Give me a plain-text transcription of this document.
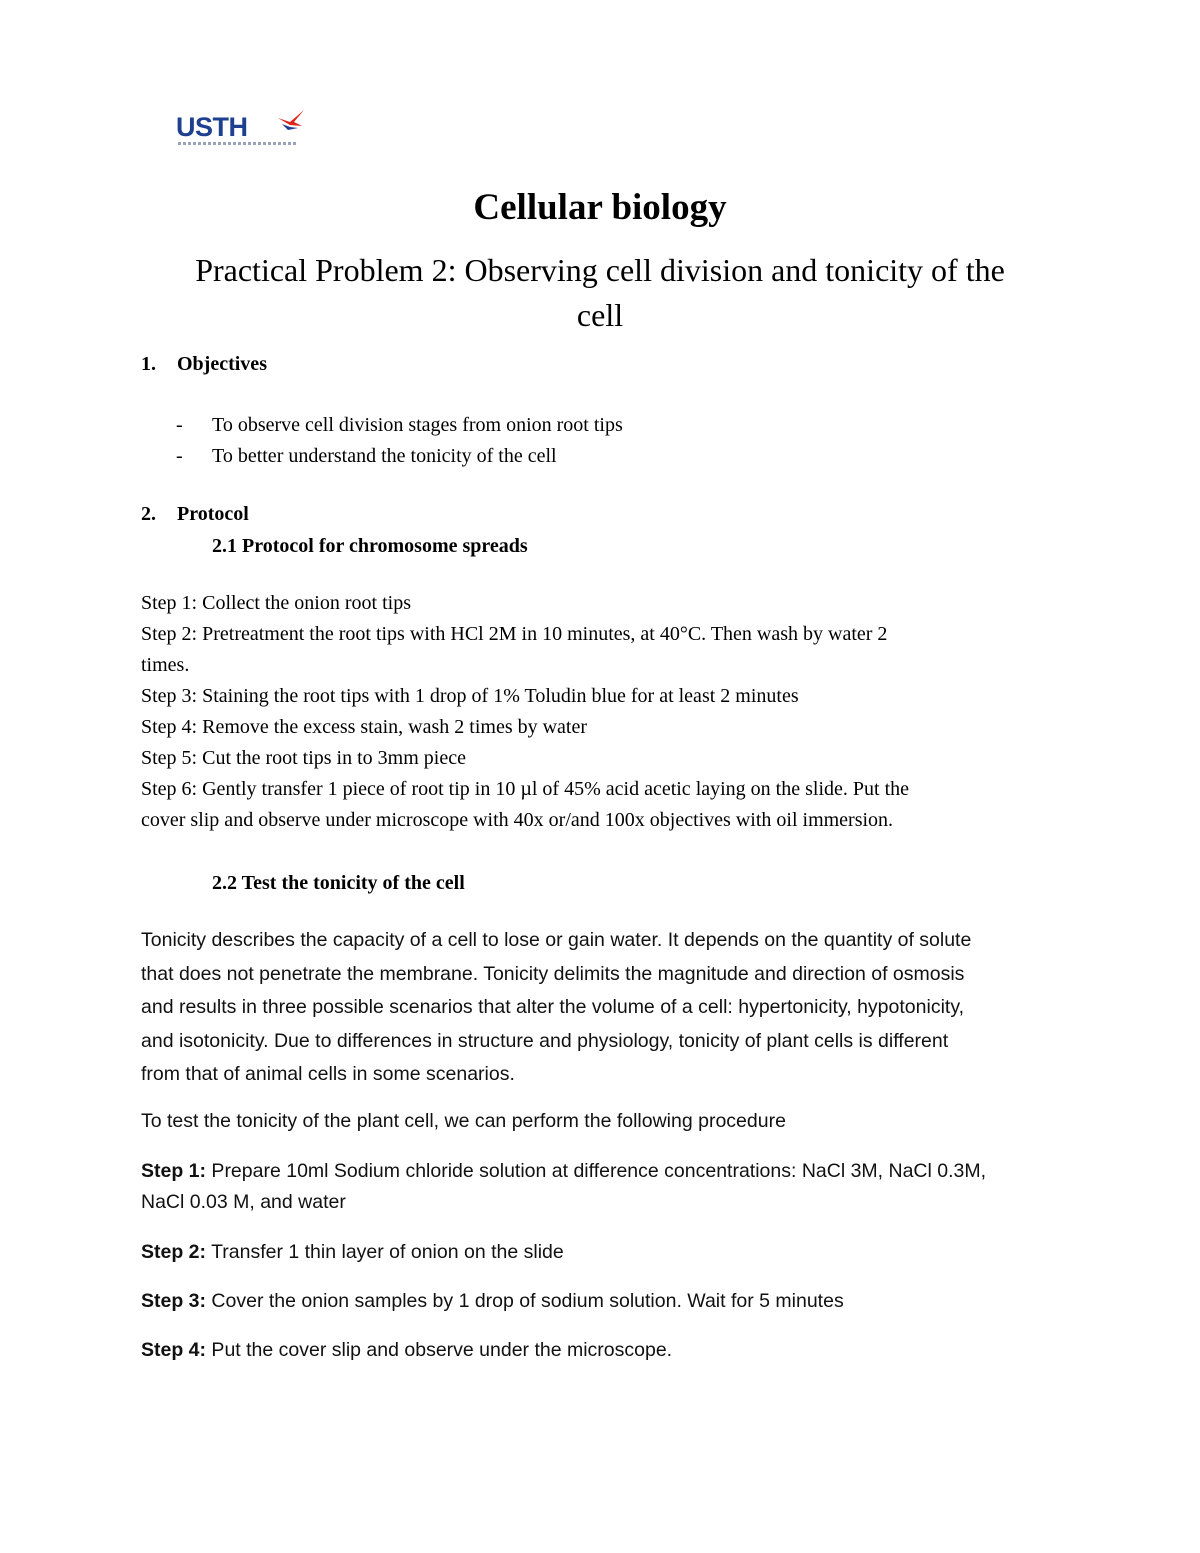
USTH
Cellular biology
Practical Problem 2: Observing cell division and tonicity of the
cell
1. Objectives
-	To observe cell division stages from onion root tips
-	To better understand the tonicity of the cell
2. Protocol
2.1 Protocol for chromosome spreads
Step 1: Collect the onion root tips
Step 2: Pretreatment the root tips with HCl 2M in 10 minutes, at 40°C. Then wash by water 2
times.
Step 3: Staining the root tips with 1 drop of 1% Toludin blue for at least 2 minutes
Step 4: Remove the excess stain, wash 2 times by water
Step 5: Cut the root tips in to 3mm piece
Step 6: Gently transfer 1 piece of root tip in 10 µl of 45% acid acetic laying on the slide. Put the
cover slip and observe under microscope with 40x or/and 100x objectives with oil immersion.
2.2 Test the tonicity of the cell
Tonicity describes the capacity of a cell to lose or gain water. It depends on the quantity of solute
that does not penetrate the membrane. Tonicity delimits the magnitude and direction of osmosis
and results in three possible scenarios that alter the volume of a cell: hypertonicity, hypotonicity,
and isotonicity. Due to differences in structure and physiology, tonicity of plant cells is different
from that of animal cells in some scenarios.
To test the tonicity of the plant cell, we can perform the following procedure
Step 1: Prepare 10ml Sodium chloride solution at difference concentrations: NaCl 3M, NaCl 0.3M,
NaCl 0.03 M, and water
Step 2: Transfer 1 thin layer of onion on the slide
Step 3: Cover the onion samples by 1 drop of sodium solution. Wait for 5 minutes
Step 4: Put the cover slip and observe under the microscope.
